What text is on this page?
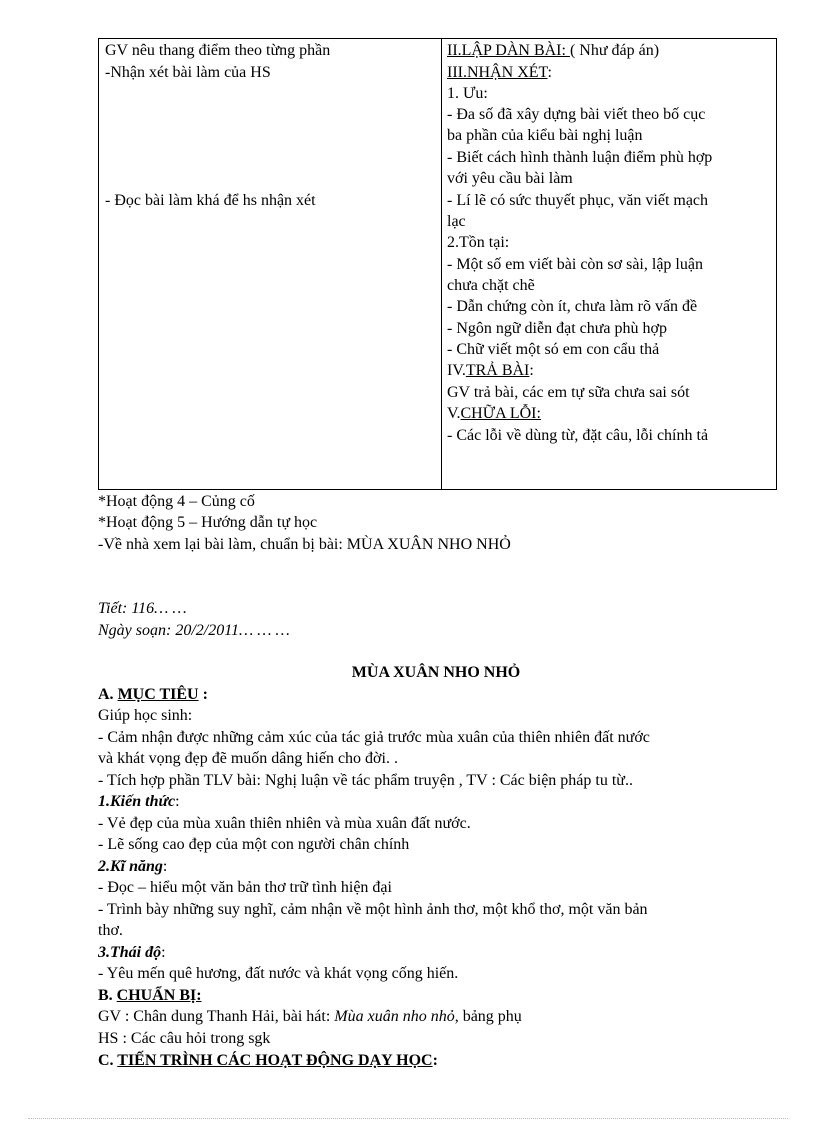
GV nêu thang điểm theo từng phần
-Nhận xét bài làm của HS
- Đọc bài làm khá để hs nhận xét
II.LẬP DÀN BÀI: ( Như đáp án)
III.NHẬN XÉT:
1. Ưu:
- Đa số đã xây dựng bài viết theo bố cục
ba phần của kiểu bài nghị luận
- Biết cách hình thành luận điểm phù hợp
với yêu cầu bài làm
- Lí lẽ có sức thuyết phục, văn viết mạch
lạc
2.Tồn tại:
- Một số em viết bài còn sơ sài, lập luận
chưa chặt chẽ
- Dẫn chứng còn ít, chưa làm rõ vấn đề
- Ngôn ngữ diễn đạt chưa phù hợp
- Chữ viết một só em con cẩu thả
IV.TRẢ BÀI:
GV trả bài, các em tự sữa chưa sai sót
V.CHỮA LỖI:
- Các lỗi về dùng từ, đặt câu, lỗi chính tả
*Hoạt động 4 – Củng cố
*Hoạt động 5 – Hướng dẫn tự học
-Về nhà xem lại bài làm, chuẩn bị bài: MÙA XUÂN NHO NHỎ
Tiết: 116… …
Ngày soạn: 20/2/2011… … …
MÙA XUÂN NHO NHỎ
A. MỤC TIÊU :
Giúp học sinh:
- Cảm nhận được những cảm xúc của tác giả trước mùa xuân của thiên nhiên đất nước
và khát vọng đẹp đẽ muốn dâng hiến cho đời. .
- Tích hợp phần TLV bài: Nghị luận về tác phẩm truyện , TV : Các biện pháp tu từ..
1.Kiến thức:
- Vẻ đẹp của mùa xuân thiên nhiên và mùa xuân đất nước.
- Lẽ sống cao đẹp của một con người chân chính
2.Kĩ năng:
- Đọc – hiểu một văn bản thơ trữ tình hiện đại
- Trình bày những suy nghĩ, cảm nhận về một hình ảnh thơ, một khổ thơ, một văn bản
thơ.
3.Thái độ:
- Yêu mến quê hương, đất nước và khát vọng cống hiến.
B. CHUẨN BỊ:
GV : Chân dung Thanh Hải, bài hát: Mùa xuân nho nhỏ, bảng phụ
HS : Các câu hỏi trong sgk
C. TIẾN TRÌNH CÁC HOẠT ĐỘNG DẠY HỌC:
